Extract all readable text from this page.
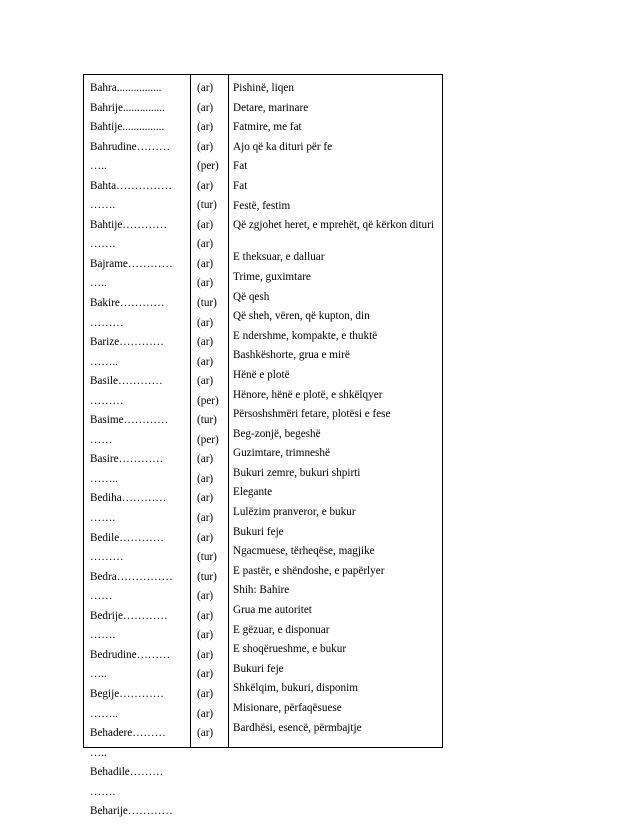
Bahra................
Bahrije...............
Bahtije...............
Bahrudine………
…..
Bahta……………
…….
Bahtije…………
…….
Bajrame…………
…..
Bakire…………
………
Barize…………
……..
Basile…………
………
Basime…………
……
Basire…………
……..
Bediha…………
…….
Bedile…………
………
Bedra……………
……
Bedrije…………
…….
Bedrudine………
…..
Begije…………
……..
Behadere………
…..
Behadile………
…….
Beharije…………
(ar)
(ar)
(ar)
(ar)
(per)
(ar)
(tur)
(ar)
(ar)
(ar)
(ar)
(tur)
(ar)
(ar)
(ar)
(ar)
(per)
(tur)
(per)
(ar)
(ar)
(ar)
(ar)
(ar)
(tur)
(tur)
(ar)
(ar)
(ar)
(ar)
(ar)
(ar)
(ar)
(ar)
Pishinë, liqen
Detare, marinare
Fatmire, me fat
Ajo që ka dituri për fe
Fat
Fat
Festë, festim
Që zgjohet heret, e mprehët, që kërkon dituri
E theksuar, e dalluar
Trime, guximtare
Që qesh
Që sheh, vëren, që kupton, din
E ndershme, kompakte, e thuktë
Bashkëshorte, grua e mirë
Hënë e plotë
Hënore, hënë e plotë, e shkëlqyer
Përsoshshmëri fetare, plotësi e fese
Beg-zonjë, begeshë
Guzimtare, trimneshë
Bukuri zemre, bukuri shpirti
Elegante
Lulëzim pranveror, e bukur
Bukuri feje
Ngacmuese, tërheqëse, magjike
E pastër, e shëndoshe, e papërlyer
Shih: Bahire
Grua me autoritet
E gëzuar, e disponuar
E shoqërueshme, e bukur
Bukuri feje
Shkëlqim, bukuri, disponim
Misionare, përfaqësuese
Bardhësi, esencë, përmbajtje
